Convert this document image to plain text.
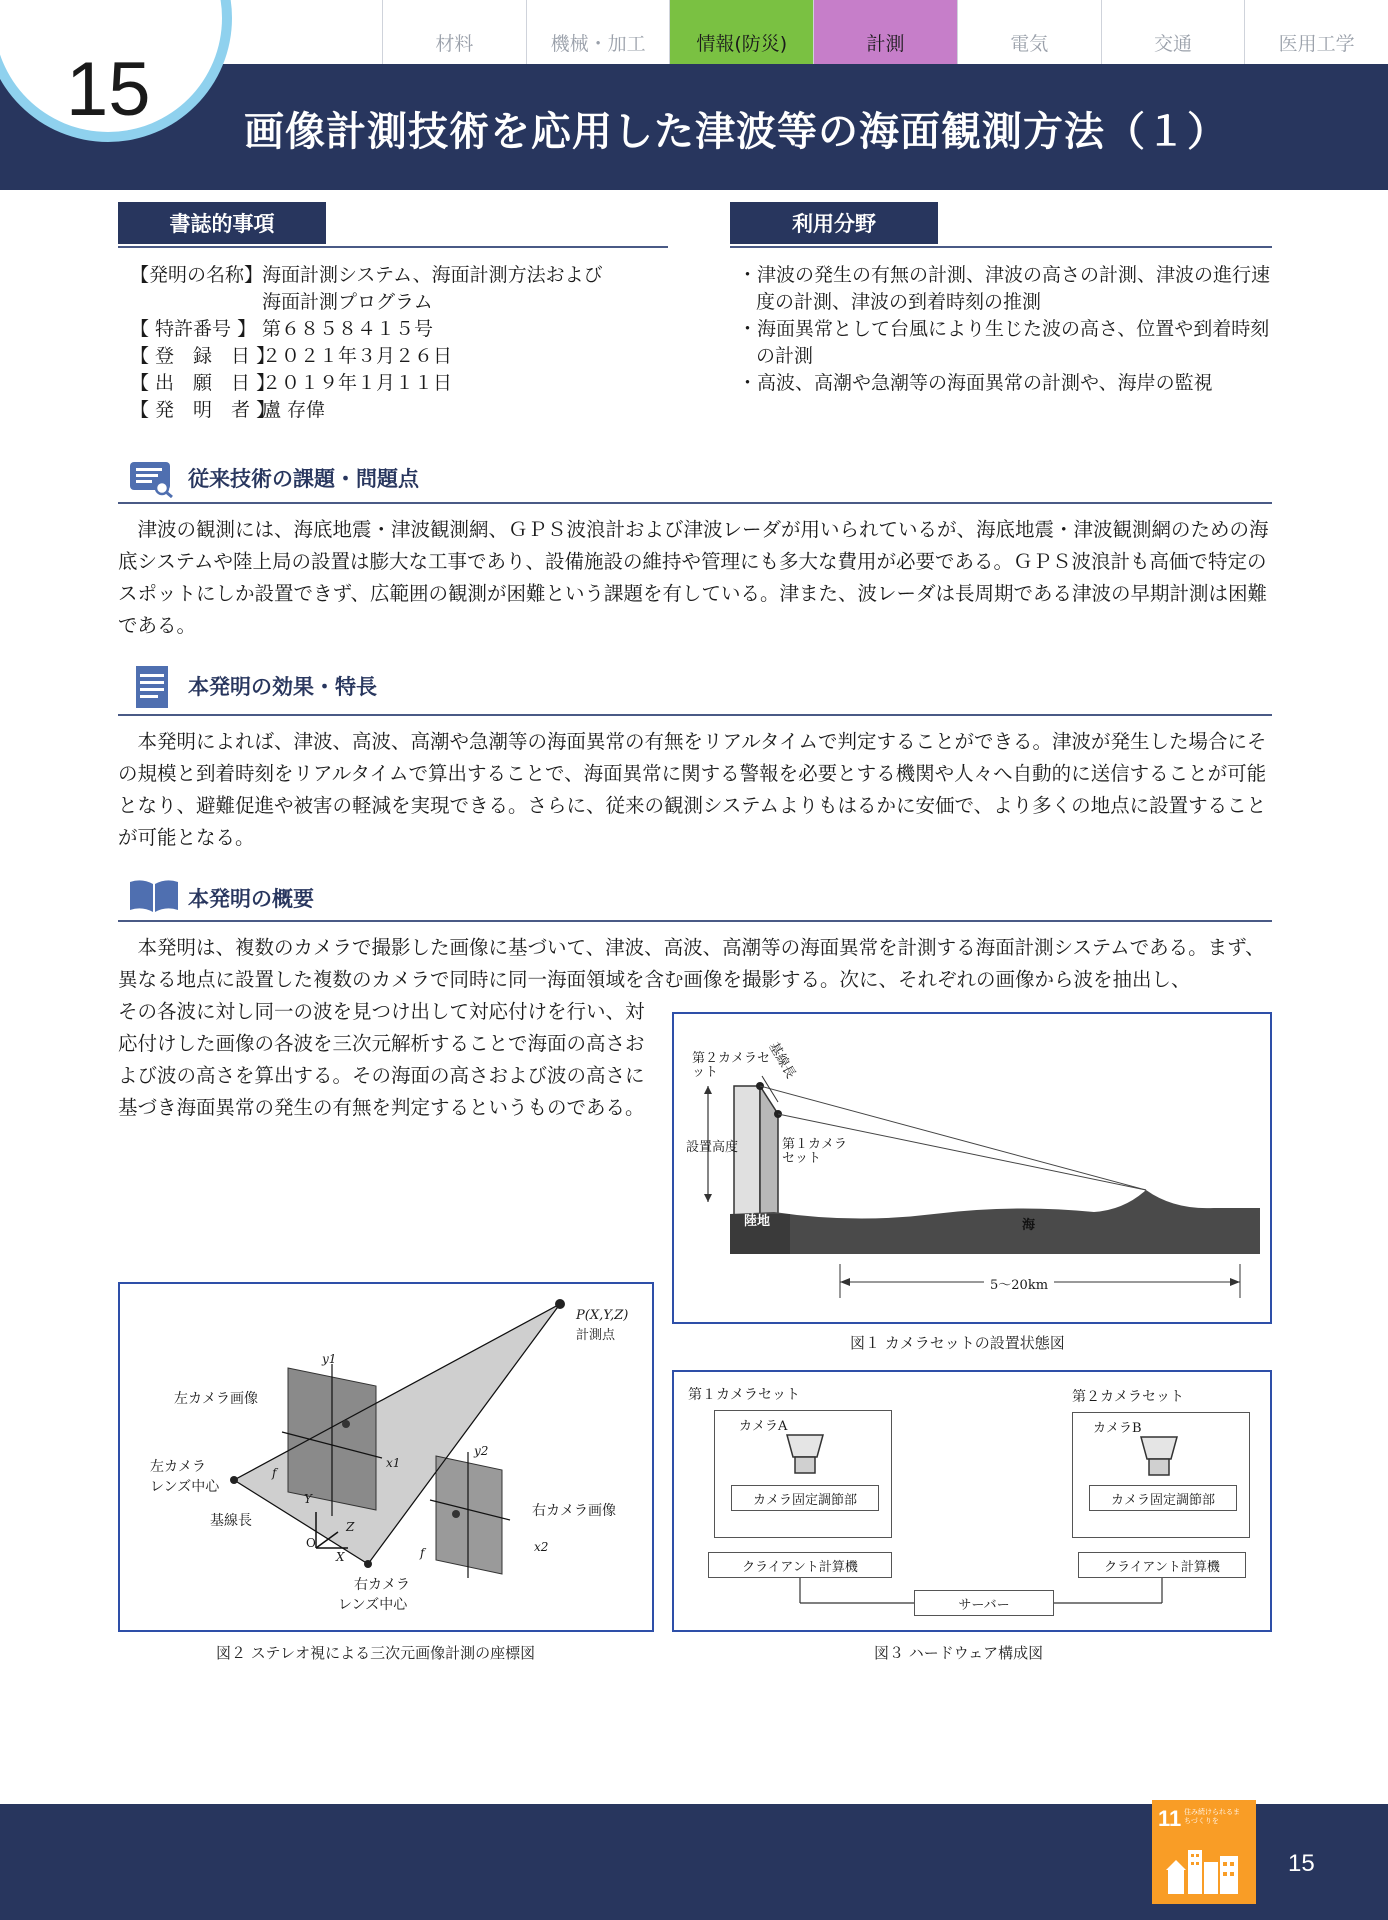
材料	機械・加工	情報(防災)	計測	電気	交通	医用工学
15 画像計測技術を応用した津波等の海面観測方法（１）
書誌的事項
【発明の名称】
海面計測システム、海面計測方法および
海面計測プログラム
【 特許番号 】 第６８５８４１５号
【 登　録　日 】
２０２１年３月２６日
【 出　願　日 】
２０１９年１月１１日
【 発　明　者 】
盧 存偉
利用分野
・津波の発生の有無の計測、津波の高さの計測、津波の進行速度の計測、津波の到着時刻の推測
・海面異常として台風により生じた波の高さ、位置や到着時刻の計測
・高波、高潮や急潮等の海面異常の計測や、海岸の監視
従来技術の課題・問題点

津波の観測には、海底地震・津波観測網、ＧＰＳ波浪計および津波レーダが用いられているが、海底地震・津波観測網のための海底システムや陸上局の設置は膨大な工事であり、設備施設の維持や管理にも多大な費用が必要である。ＧＰＳ波浪計も高価で特定のスポットにしか設置できず、広範囲の観測が困難という課題を有している。津また、波レーダは長周期である津波の早期計測は困難である。

本発明の効果・特長

本発明によれば、津波、高波、高潮や急潮等の海面異常の有無をリアルタイムで判定することができる。津波が発生した場合にその規模と到着時刻をリアルタイムで算出することで、海面異常に関する警報を必要とする機関や人々へ自動的に送信することが可能となり、避難促進や被害の軽減を実現できる。さらに、従来の観測システムよりもはるかに安価で、より多くの地点に設置することが可能となる。

本発明の概要

本発明は、複数のカメラで撮影した画像に基づいて、津波、高波、高潮等の海面異常を計測する海面計測システムである。まず、異なる地点に設置した複数のカメラで同時に同一海面領域を含む画像を撮影する。次に、それぞれの画像から波を抽出し、

その各波に対し同一の波を見つけ出して対応付けを行い、対応付けした画像の各波を三次元解析することで海面の高さおよび波の高さを算出する。その海面の高さおよび波の高さに基づき海面異常の発生の有無を判定するというものである。

第２カメラセット	基線長
設置高度	第１カメラセット
陸地	海
5～20km
図１ カメラセットの設置状態図
P(X,Y,Z)
計測点
左カメラ画像
左カメラ
レンズ中心
基線長
右カメラ画像
右カメラ
レンズ中心
y1
x1
y2
x2
f
f
Y
Z
X
O
図２ ステレオ視による三次元画像計測の座標図
第１カメラセット	第２カメラセット
カメラA
カメラ固定調節部
カメラB
カメラ固定調節部
クライアント計算機	クライアント計算機
サーバー
図３ ハードウェア構成図
11 住み続けられるまちづくりを
15
